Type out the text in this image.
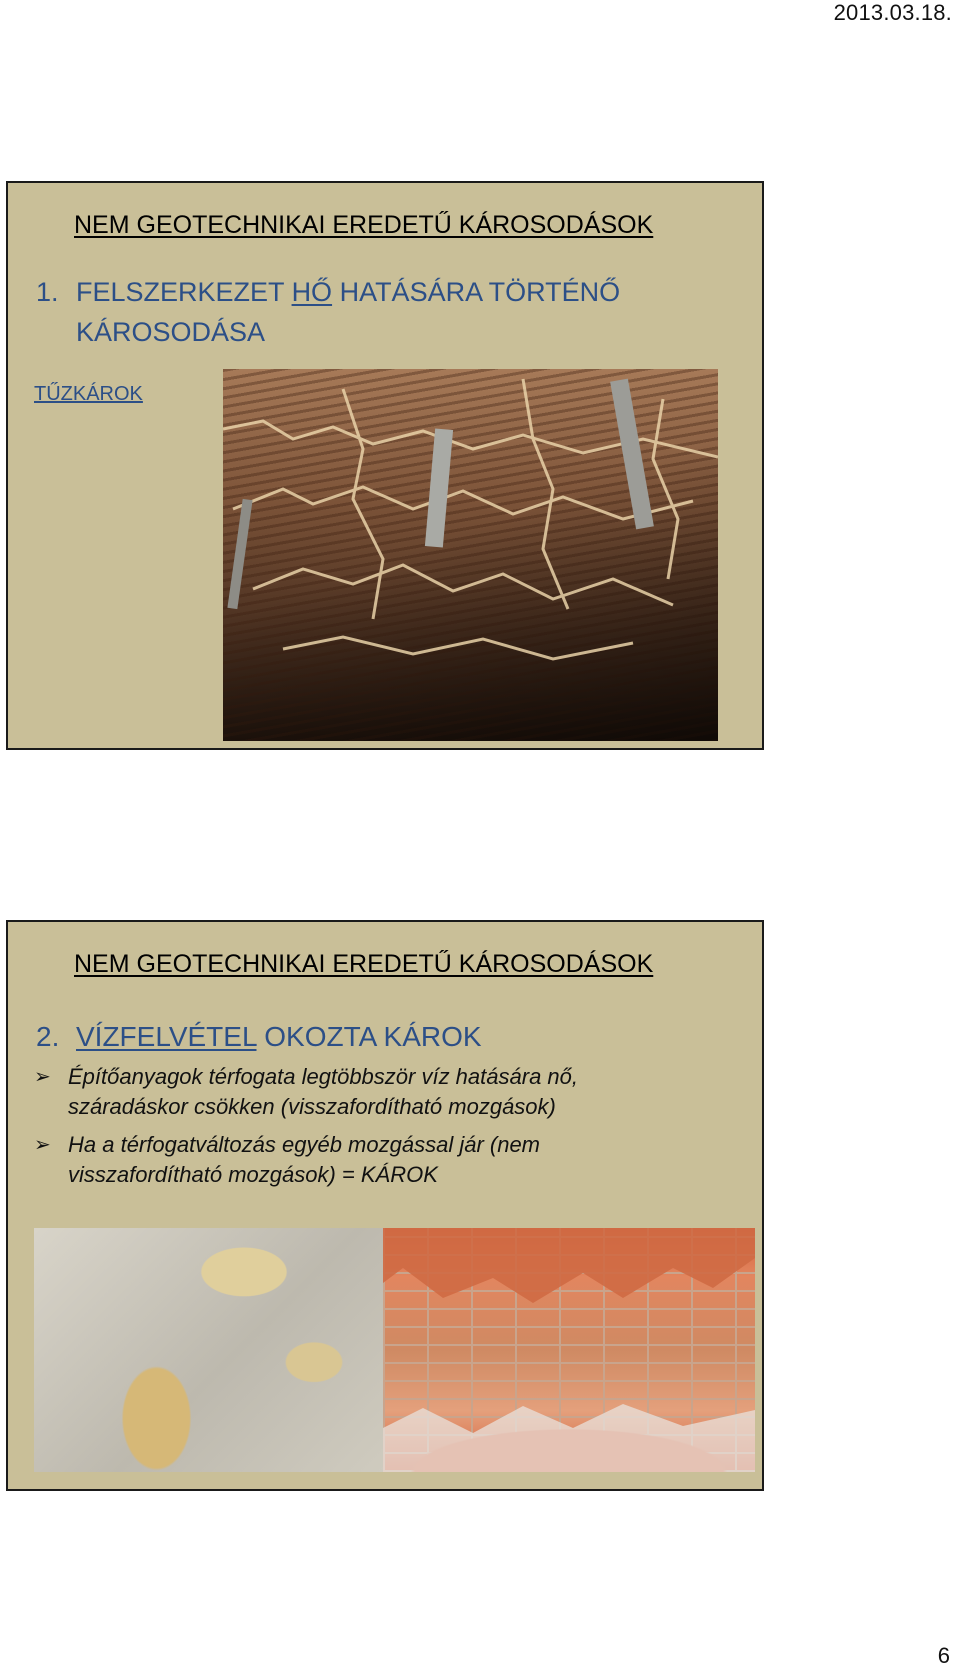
2013.03.18.
NEM GEOTECHNIKAI EREDETŰ KÁROSODÁSOK
1. FELSZERKEZET HŐ HATÁSÁRA TÖRTÉNŐ
KÁROSODÁSA
TŰZKÁROK
NEM GEOTECHNIKAI EREDETŰ KÁROSODÁSOK
2. VÍZFELVÉTEL OKOZTA KÁROK
➢ Építőanyagok térfogata legtöbbször víz hatására nő,
száradáskor csökken (visszafordítható mozgások)
➢ Ha a térfogatváltozás egyéb mozgással jár (nem
visszafordítható mozgások) = KÁROK
6
